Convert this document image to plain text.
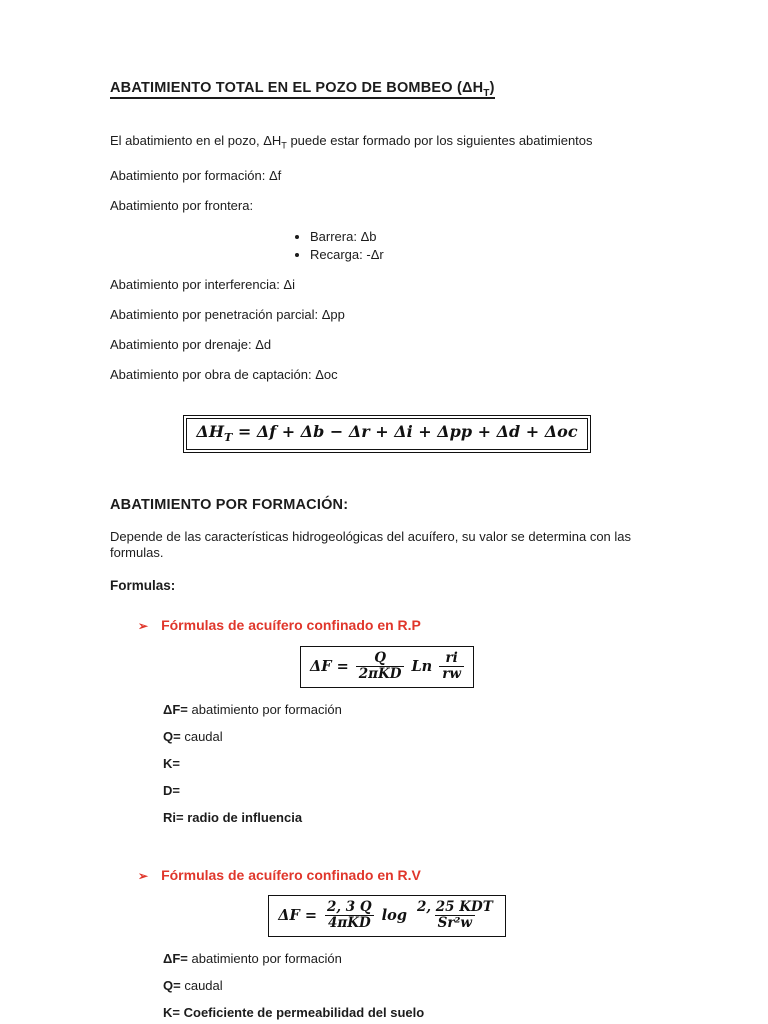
ABATIMIENTO TOTAL EN EL POZO DE BOMBEO $(\Delta H_T)$

El abatimiento en el pozo, $\Delta H_T$ puede estar formado por los siguientes abatimientos

Abatimiento por formación: Δf

Abatimiento por frontera:

• Barrera: Δb
• Recarga: -Δr

Abatimiento por interferencia: Δi

Abatimiento por penetración parcial: Δpp

Abatimiento por drenaje: Δd

Abatimiento por obra de captación: Δoc

$\Delta H_T = \Delta f + \Delta b - \Delta r + \Delta i + \Delta pp + \Delta d + \Delta oc$
ABATIMIENTO POR FORMACIÓN:

Depende de las características hidrogeológicas del acuífero, su valor se determina con las formulas.

Formulas:

➢ Fórmulas de acuífero confinado en R.P
$\Delta F = \frac{Q}{\text{2πKD}}$ Ln $\frac{ri}{rw}$

ΔF= abatimiento por formación

Q= caudal

K=

D=

Ri= radio de influencia

➢ Fórmulas de acuífero confinado en R.V
$\Delta F = \frac{2, 3 Q}{\text{4πKD}}$ $\log \frac{\text{2, 25 KDT}}{\text{Sr²w}}$

ΔF= abatimiento por formación

Q= caudal

K= Coeficiente de permeabilidad del suelo
